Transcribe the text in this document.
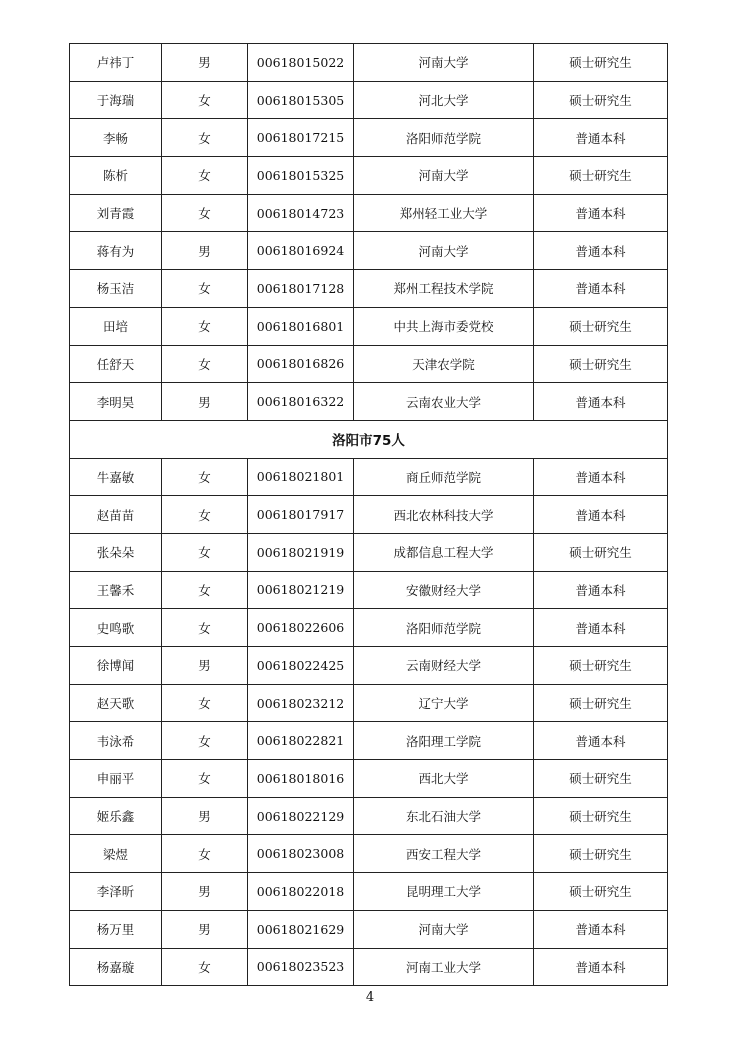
卢祎丁	男	00618015022	河南大学	硕士研究生
于海瑞	女	00618015305	河北大学	硕士研究生
李畅	女	00618017215	洛阳师范学院	普通本科
陈析	女	00618015325	河南大学	硕士研究生
刘青霞	女	00618014723	郑州轻工业大学	普通本科
蒋有为	男	00618016924	河南大学	普通本科
杨玉洁	女	00618017128	郑州工程技术学院	普通本科
田培	女	00618016801	中共上海市委党校	硕士研究生
任舒天	女	00618016826	天津农学院	硕士研究生
李明昊	男	00618016322	云南农业大学	普通本科
洛阳市75人				
牛嘉敏	女	00618021801	商丘师范学院	普通本科
赵苗苗	女	00618017917	西北农林科技大学	普通本科
张朵朵	女	00618021919	成都信息工程大学	硕士研究生
王馨禾	女	00618021219	安徽财经大学	普通本科
史鸣歌	女	00618022606	洛阳师范学院	普通本科
徐博闻	男	00618022425	云南财经大学	硕士研究生
赵天歌	女	00618023212	辽宁大学	硕士研究生
韦泳希	女	00618022821	洛阳理工学院	普通本科
申丽平	女	00618018016	西北大学	硕士研究生
姬乐鑫	男	00618022129	东北石油大学	硕士研究生
梁煜	女	00618023008	西安工程大学	硕士研究生
李泽昕	男	00618022018	昆明理工大学	硕士研究生
杨万里	男	00618021629	河南大学	普通本科
杨嘉璇	女	00618023523	河南工业大学	普通本科
4
